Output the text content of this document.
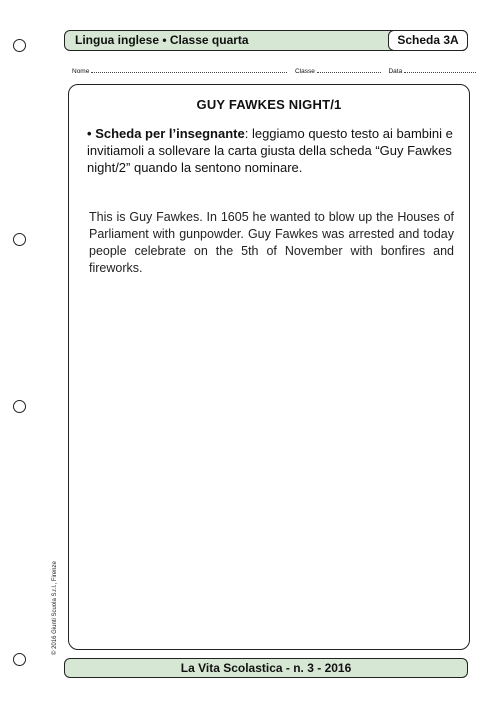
Lingua inglese • Classe quarta	Scheda 3A
Nome	Classe	Data
GUY FAWKES NIGHT/1
• Scheda per l’insegnante: leggiamo questo testo ai bambini e invitiamoli a sollevare la carta giusta della scheda “Guy Fawkes night/2” quando la sentono nominare.
This is Guy Fawkes. In 1605 he wanted to blow up the Houses of Parliament with gunpowder. Guy Fawkes was arrested and today people celebrate on the 5th of November with bonfires and fireworks.
© 2016 Giunti Scuola S.r.l., Firenze
La Vita Scolastica - n. 3 - 2016
